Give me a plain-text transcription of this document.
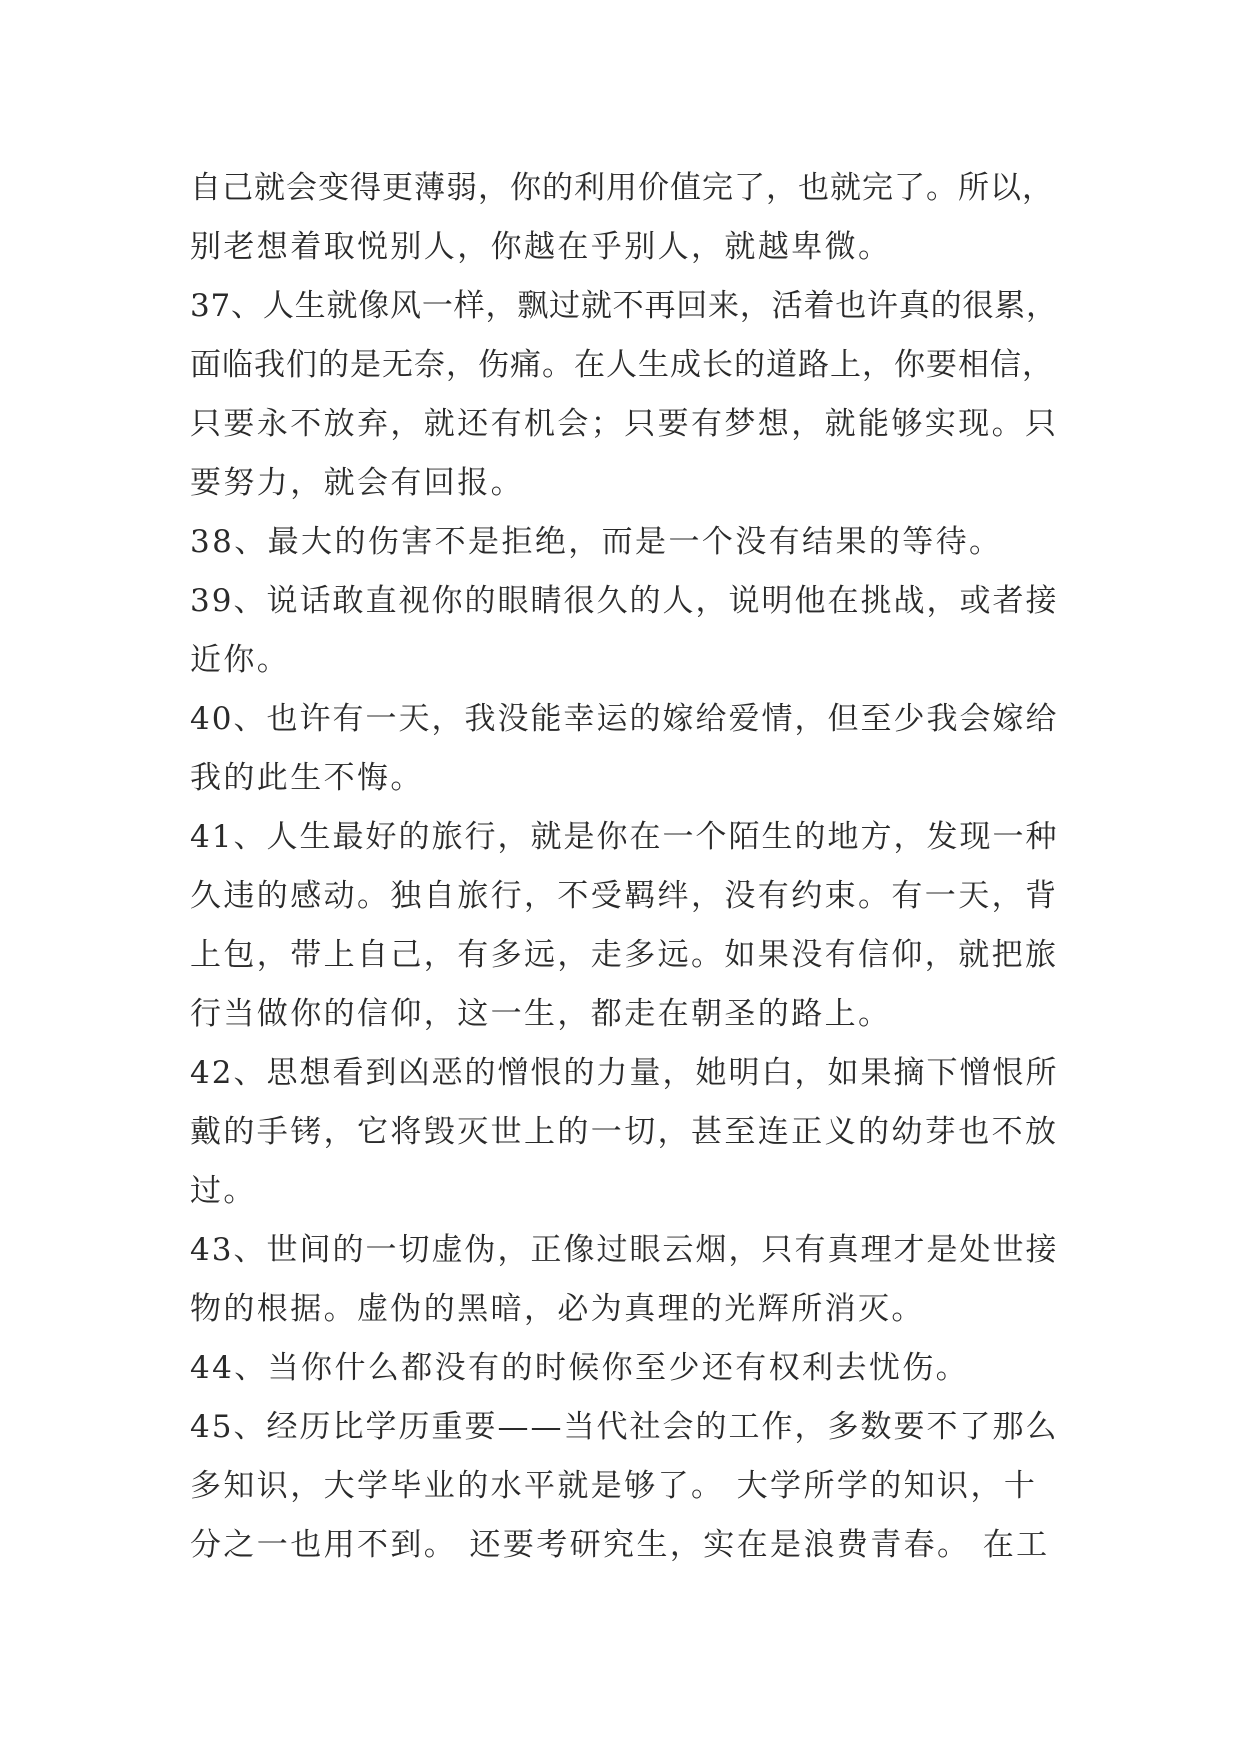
自己就会变得更薄弱，你的利用价值完了，也就完了。所以，
别老想着取悦别人，你越在乎别人，就越卑微。
37、人生就像风一样，飘过就不再回来，活着也许真的很累，
面临我们的是无奈，伤痛。在人生成长的道路上，你要相信，
只要永不放弃，就还有机会；只要有梦想，就能够实现。只
要努力，就会有回报。
38、最大的伤害不是拒绝，而是一个没有结果的等待。
39、说话敢直视你的眼睛很久的人，说明他在挑战，或者接
近你。
40、也许有一天，我没能幸运的嫁给爱情，但至少我会嫁给
我的此生不悔。
41、人生最好的旅行，就是你在一个陌生的地方，发现一种
久违的感动。独自旅行，不受羁绊，没有约束。有一天，背
上包，带上自己，有多远，走多远。如果没有信仰，就把旅
行当做你的信仰，这一生，都走在朝圣的路上。
42、思想看到凶恶的憎恨的力量，她明白，如果摘下憎恨所
戴的手铐，它将毁灭世上的一切，甚至连正义的幼芽也不放
过。
43、世间的一切虚伪，正像过眼云烟，只有真理才是处世接
物的根据。虚伪的黑暗，必为真理的光辉所消灭。
44、当你什么都没有的时候你至少还有权利去忧伤。
45、经历比学历重要——当代社会的工作，多数要不了那么
多知识，大学毕业的水平就是够了。 大学所学的知识，十
分之一也用不到。 还要考研究生，实在是浪费青春。 在工
